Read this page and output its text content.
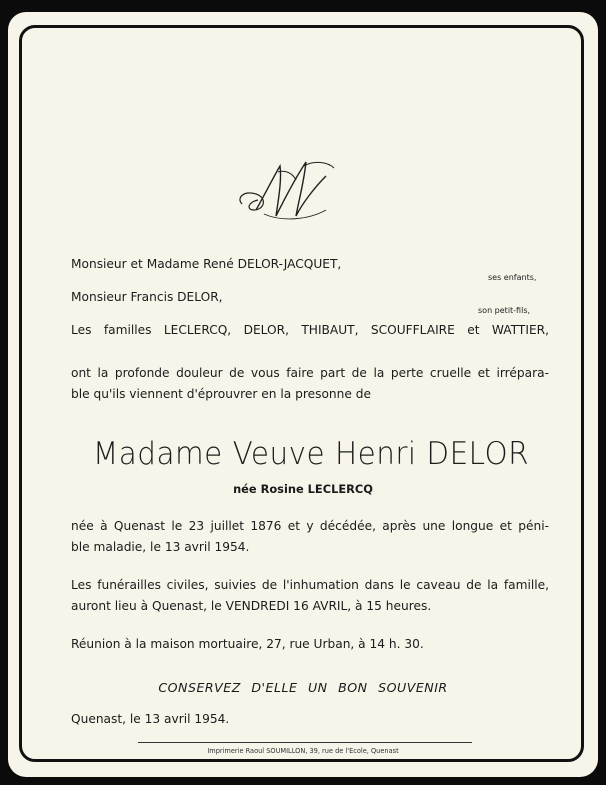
Monsieur et Madame René DELOR-JACQUET,
ses enfants,
Monsieur Francis DELOR,
son petit-fils,
Les familles LECLERCQ, DELOR, THIBAUT, SCOUFFLAIRE et WATTIER,
ont la profonde douleur de vous faire part de la perte cruelle et irrépara-
ble qu'ils viennent d'éprouvrer en la presonne de
Madame Veuve Henri DELOR
née Rosine LECLERCQ
née à Quenast le 23 juillet 1876 et y décédée, après une longue et péni-
ble maladie, le 13 avril 1954.
Les funérailles civiles, suivies de l'inhumation dans le caveau de la famille,
auront lieu à Quenast, le VENDREDI 16 AVRIL, à 15 heures.
Réunion à la maison mortuaire, 27, rue Urban, à 14 h. 30.
CONSERVEZ D'ELLE UN BON SOUVENIR
Quenast, le 13 avril 1954.
Imprimerie Raoul SOUMILLON, 39, rue de l'Ecole, Quenast
